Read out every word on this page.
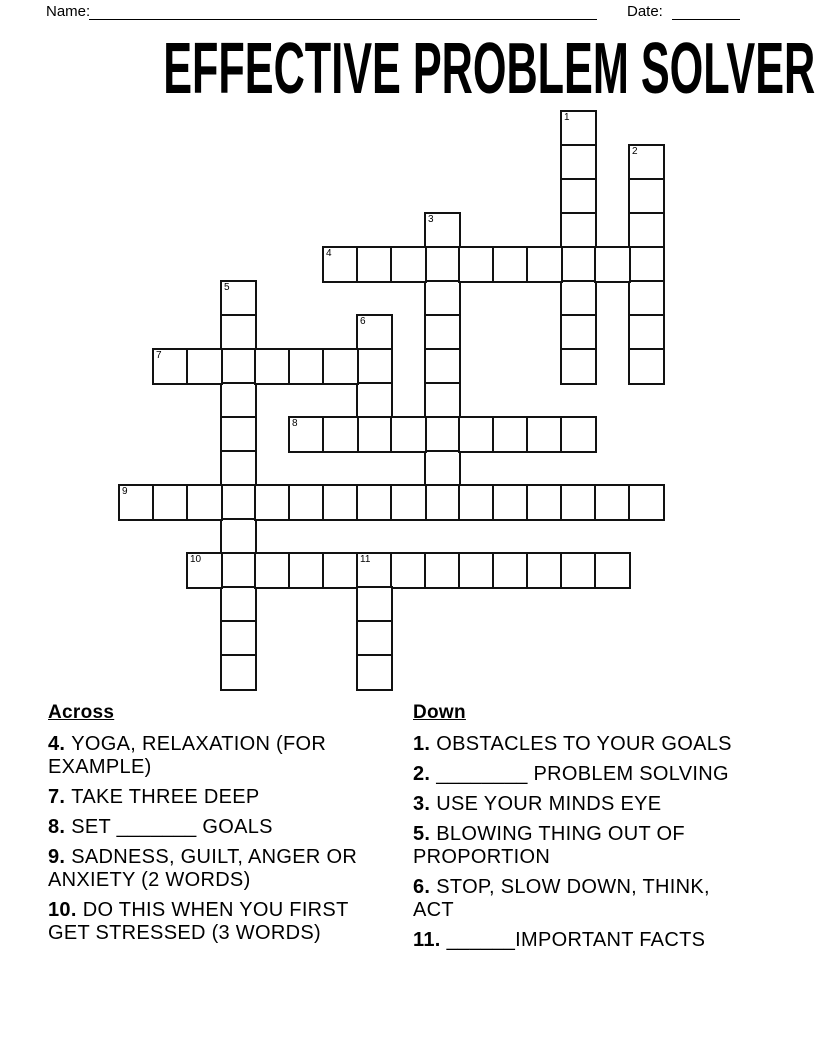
Name:	Date:
EFFECTIVE PROBLEM SOLVER
1
2
3
4
5
6
7
8
9
10	11
Across

4. YOGA, RELAXATION (FOR
EXAMPLE)

7. TAKE THREE DEEP

8. SET _______ GOALS

9. SADNESS, GUILT, ANGER OR
ANXIETY (2 WORDS)

10. DO THIS WHEN YOU FIRST
GET STRESSED (3 WORDS)

Down

1. OBSTACLES TO YOUR GOALS

2. ________ PROBLEM SOLVING

3. USE YOUR MINDS EYE

5. BLOWING THING OUT OF
PROPORTION

6. STOP, SLOW DOWN, THINK,
ACT

11. ______IMPORTANT FACTS
